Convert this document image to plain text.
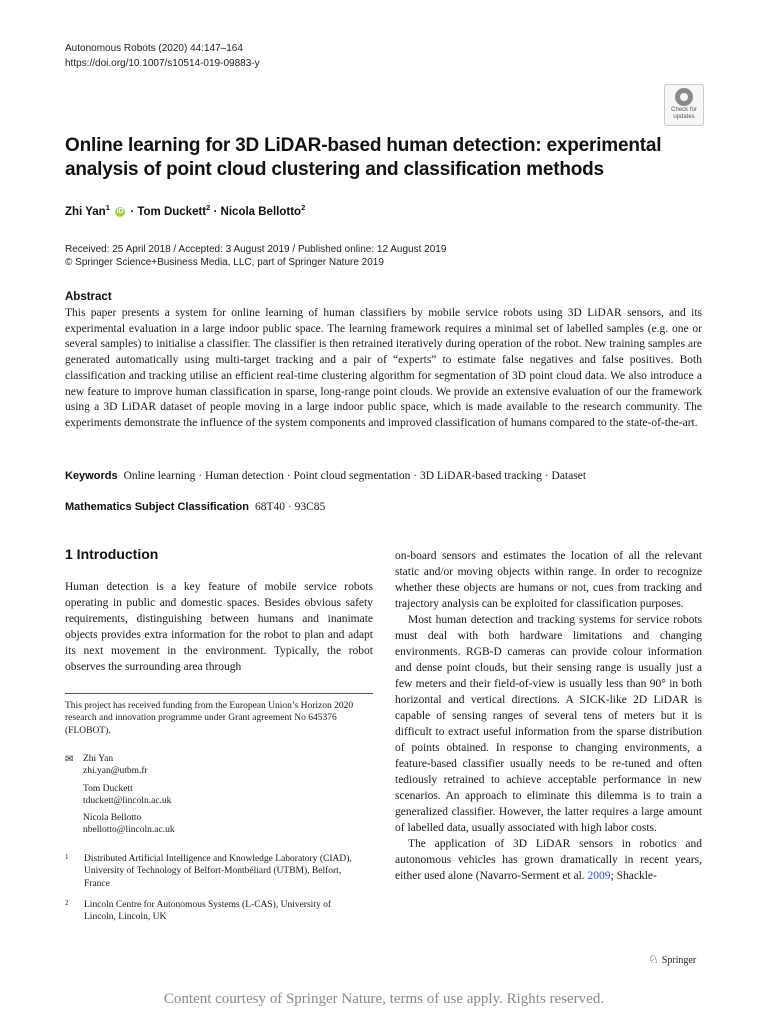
Autonomous Robots (2020) 44:147–164
https://doi.org/10.1007/s10514-019-09883-y
Check for
updates
Online learning for 3D LiDAR-based human detection: experimental analysis of point cloud clustering and classification methods
Zhi Yan$^1$ iD · Tom Duckett$^2$ · Nicola Bellotto$^2$
Received: 25 April 2018 / Accepted: 3 August 2019 / Published online: 12 August 2019
© Springer Science+Business Media, LLC, part of Springer Nature 2019
Abstract
This paper presents a system for online learning of human classifiers by mobile service robots using 3D LiDAR sensors, and its experimental evaluation in a large indoor public space. The learning framework requires a minimal set of labelled samples (e.g. one or several samples) to initialise a classifier. The classifier is then retrained iteratively during operation of the robot. New training samples are generated automatically using multi-target tracking and a pair of “experts” to estimate false negatives and false positives. Both classification and tracking utilise an efficient real-time clustering algorithm for segmentation of 3D point cloud data. We also introduce a new feature to improve human classification in sparse, long-range point clouds. We provide an extensive evaluation of our the framework using a 3D LiDAR dataset of people moving in a large indoor public space, which is made available to the research community. The experiments demonstrate the influence of the system components and improved classification of humans compared to the state-of-the-art.
Keywords Online learning · Human detection · Point cloud segmentation · 3D LiDAR-based tracking · Dataset
Mathematics Subject Classification 68T40 · 93C85
1 Introduction

Human detection is a key feature of mobile service robots operating in public and domestic spaces. Besides obvious safety requirements, distinguishing between humans and inanimate objects provides extra information for the robot to plan and adapt its next movement in the environment. Typically, the robot observes the surrounding area through

on-board sensors and estimates the location of all the relevant static and/or moving objects within range. In order to recognize whether these objects are humans or not, cues from tracking and trajectory analysis can be exploited for classification purposes.

Most human detection and tracking systems for service robots must deal with both hardware limitations and changing environments. RGB-D cameras can provide colour information and dense point clouds, but their sensing range is usually just a few meters and their field-of-view is usually less than 90° in both horizontal and vertical directions. A SICK-like 2D LiDAR is capable of sensing ranges of several tens of meters but it is difficult to extract useful information from the sparse distribution of points obtained. In response to changing environments, a feature-based classifier usually needs to be re-tuned and often tediously retrained to achieve acceptable performance in new scenarios. An approach to eliminate this dilemma is to train a generalized classifier. However, the latter requires a large amount of labelled data, usually associated with high labor costs.

The application of 3D LiDAR sensors in robotics and autonomous vehicles has grown dramatically in recent years, either used alone (Navarro-Serment et al. 2009; Shackle-

This project has received funding from the European Union’s Horizon 2020 research and innovation programme under Grant agreement No 645376 (FLOBOT).
✉ Zhi Yan
zhi.yan@utbm.fr
Tom Duckett
tduckett@lincoln.ac.uk
Nicola Bellotto
nbellotto@lincoln.ac.uk
1 Distributed Artificial Intelligence and Knowledge Laboratory (CIAD), University of Technology of Belfort-Montbéliard (UTBM), Belfort, France
2 Lincoln Centre for Autonomous Systems (L-CAS), University of Lincoln, Lincoln, UK
♘ Springer
Content courtesy of Springer Nature, terms of use apply. Rights reserved.
